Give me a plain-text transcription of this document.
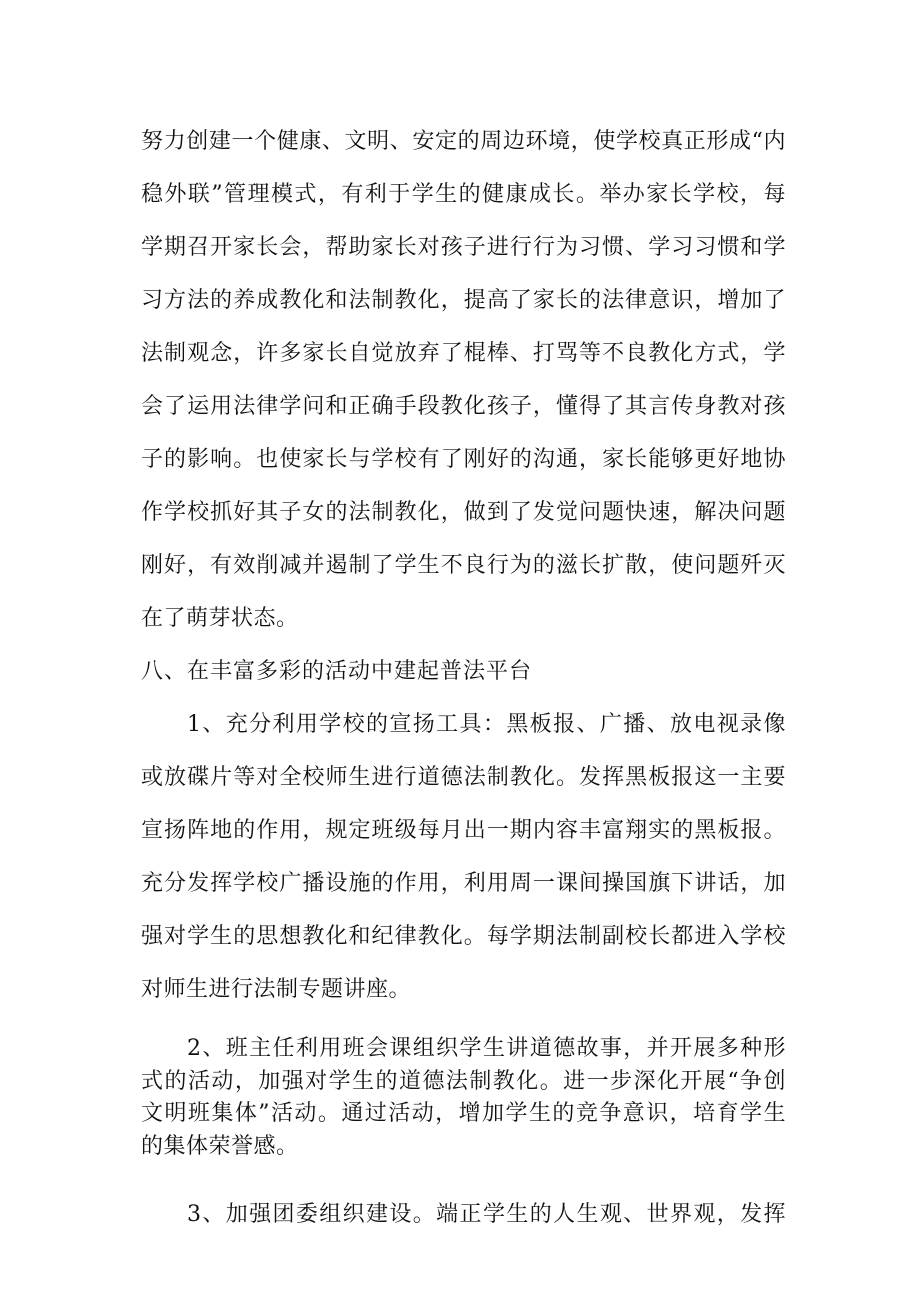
努力创建一个健康、文明、安定的周边环境，使学校真正形成“内
稳外联”管理模式，有利于学生的健康成长。举办家长学校，每
学期召开家长会，帮助家长对孩子进行行为习惯、学习习惯和学
习方法的养成教化和法制教化，提高了家长的法律意识，增加了
法制观念，许多家长自觉放弃了棍棒、打骂等不良教化方式，学
会了运用法律学问和正确手段教化孩子，懂得了其言传身教对孩
子的影响。也使家长与学校有了刚好的沟通，家长能够更好地协
作学校抓好其子女的法制教化，做到了发觉问题快速，解决问题
刚好，有效削减并遏制了学生不良行为的滋长扩散，使问题歼灭
在了萌芽状态。
八、在丰富多彩的活动中建起普法平台
1、充分利用学校的宣扬工具：黑板报、广播、放电视录像
或放碟片等对全校师生进行道德法制教化。发挥黑板报这一主要
宣扬阵地的作用，规定班级每月出一期内容丰富翔实的黑板报。
充分发挥学校广播设施的作用，利用周一课间操国旗下讲话，加
强对学生的思想教化和纪律教化。每学期法制副校长都进入学校
对师生进行法制专题讲座。
2、班主任利用班会课组织学生讲道德故事，并开展多种形
式的活动，加强对学生的道德法制教化。进一步深化开展“争创
文明班集体”活动。通过活动，增加学生的竞争意识，培育学生
的集体荣誉感。
3、加强团委组织建设。端正学生的人生观、世界观，发挥
